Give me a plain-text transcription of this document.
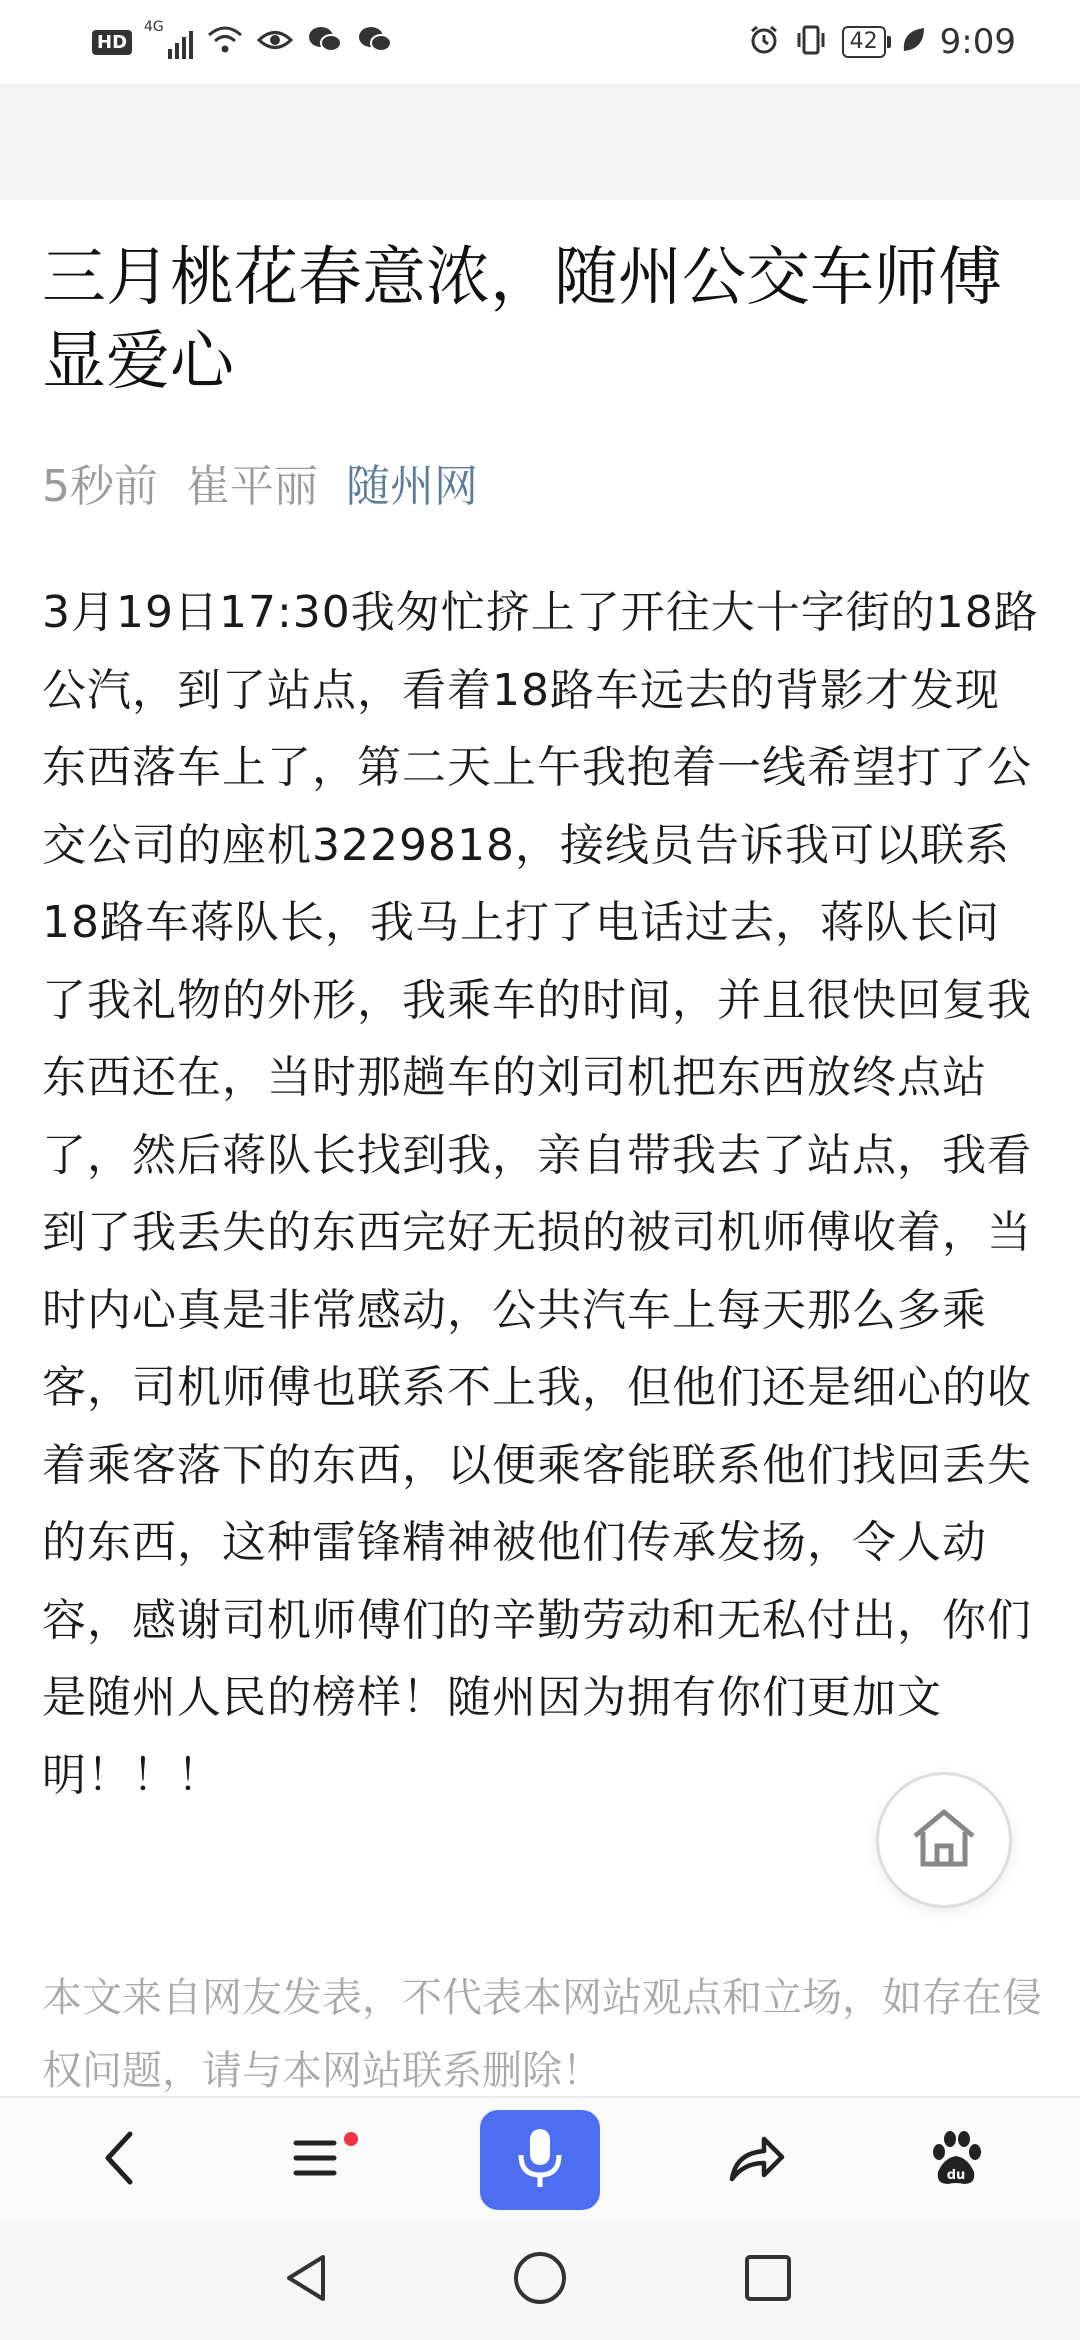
HD
4G
42 9:09
三月桃花春意浓，随州公交车师傅显爱心
5秒前 崔平丽 随州网

3月19日17:30我匆忙挤上了开往大十字街的18路公汽，到了站点，看着18路车远去的背影才发现东西落车上了，第二天上午我抱着一线希望打了公交公司的座机3229818，接线员告诉我可以联系18路车蒋队长，我马上打了电话过去，蒋队长问了我礼物的外形，我乘车的时间，并且很快回复我东西还在，当时那趟车的刘司机把东西放终点站了，然后蒋队长找到我，亲自带我去了站点，我看到了我丢失的东西完好无损的被司机师傅收着，当时内心真是非常感动，公共汽车上每天那么多乘客，司机师傅也联系不上我，但他们还是细心的收着乘客落下的东西，以便乘客能联系他们找回丢失的东西，这种雷锋精神被他们传承发扬，令人动容，感谢司机师傅们的辛勤劳动和无私付出，你们是随州人民的榜样！随州因为拥有你们更加文明！！！

本文来自网友发表，不代表本网站观点和立场，如存在侵权问题，请与本网站联系删除！

du
